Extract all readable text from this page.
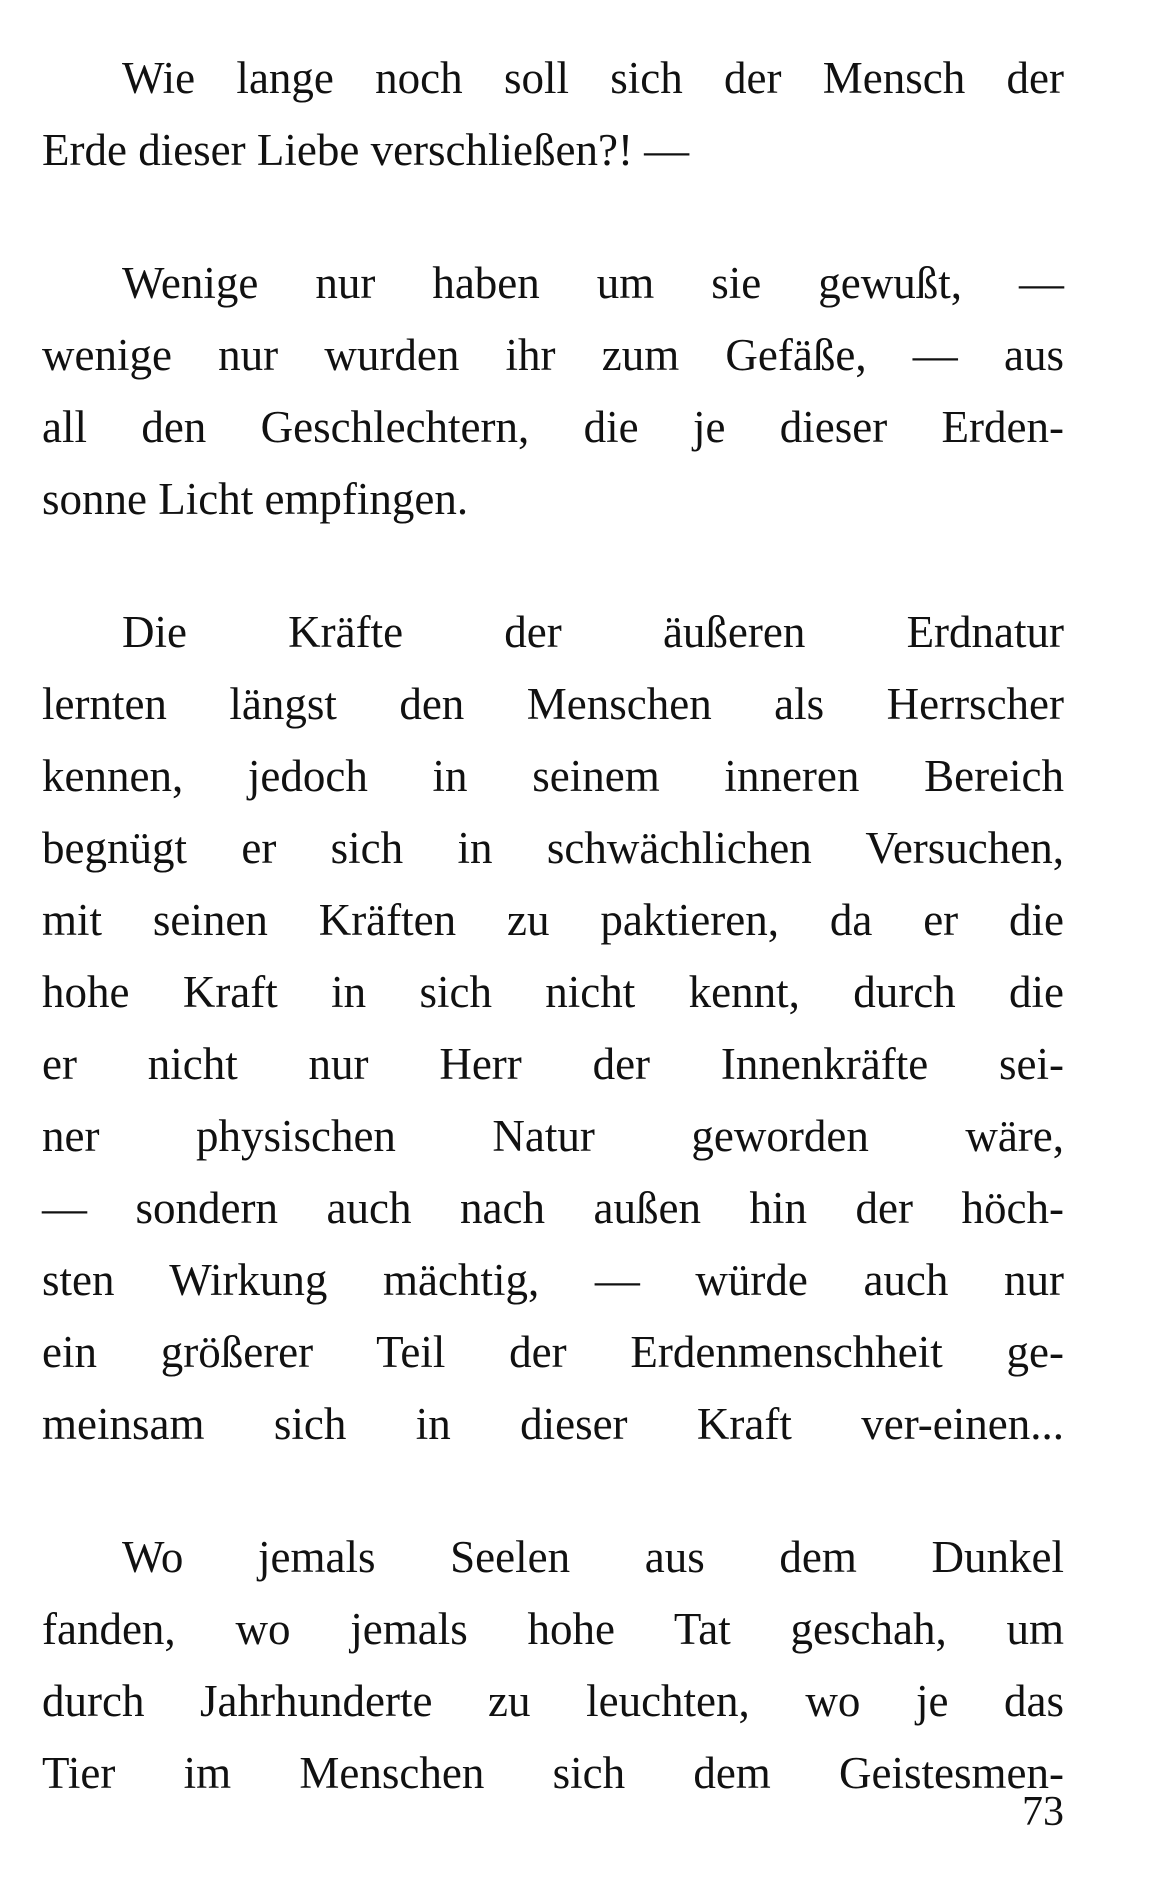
Wie lange noch soll sich der Mensch der
Erde dieser Liebe verschließen?! —

Wenige nur haben um sie gewußt, —
wenige nur wurden ihr zum Gefäße, — aus
all den Geschlechtern, die je dieser Erden-
sonne Licht empfingen.

Die Kräfte der äußeren Erdnatur
lernten längst den Menschen als Herrscher
kennen, jedoch in seinem inneren Bereich
begnügt er sich in schwächlichen Versuchen,
mit seinen Kräften zu paktieren, da er die
hohe Kraft in sich nicht kennt, durch die
er nicht nur Herr der Innenkräfte sei-
ner physischen Natur geworden wäre,
— sondern auch nach außen hin der höch-
sten Wirkung mächtig, — würde auch nur
ein größerer Teil der Erdenmenschheit ge-
meinsam sich in dieser Kraft ver-einen...

Wo jemals Seelen aus dem Dunkel
fanden, wo jemals hohe Tat geschah, um
durch Jahrhunderte zu leuchten, wo je das
Tier im Menschen sich dem Geistesmen-

73
